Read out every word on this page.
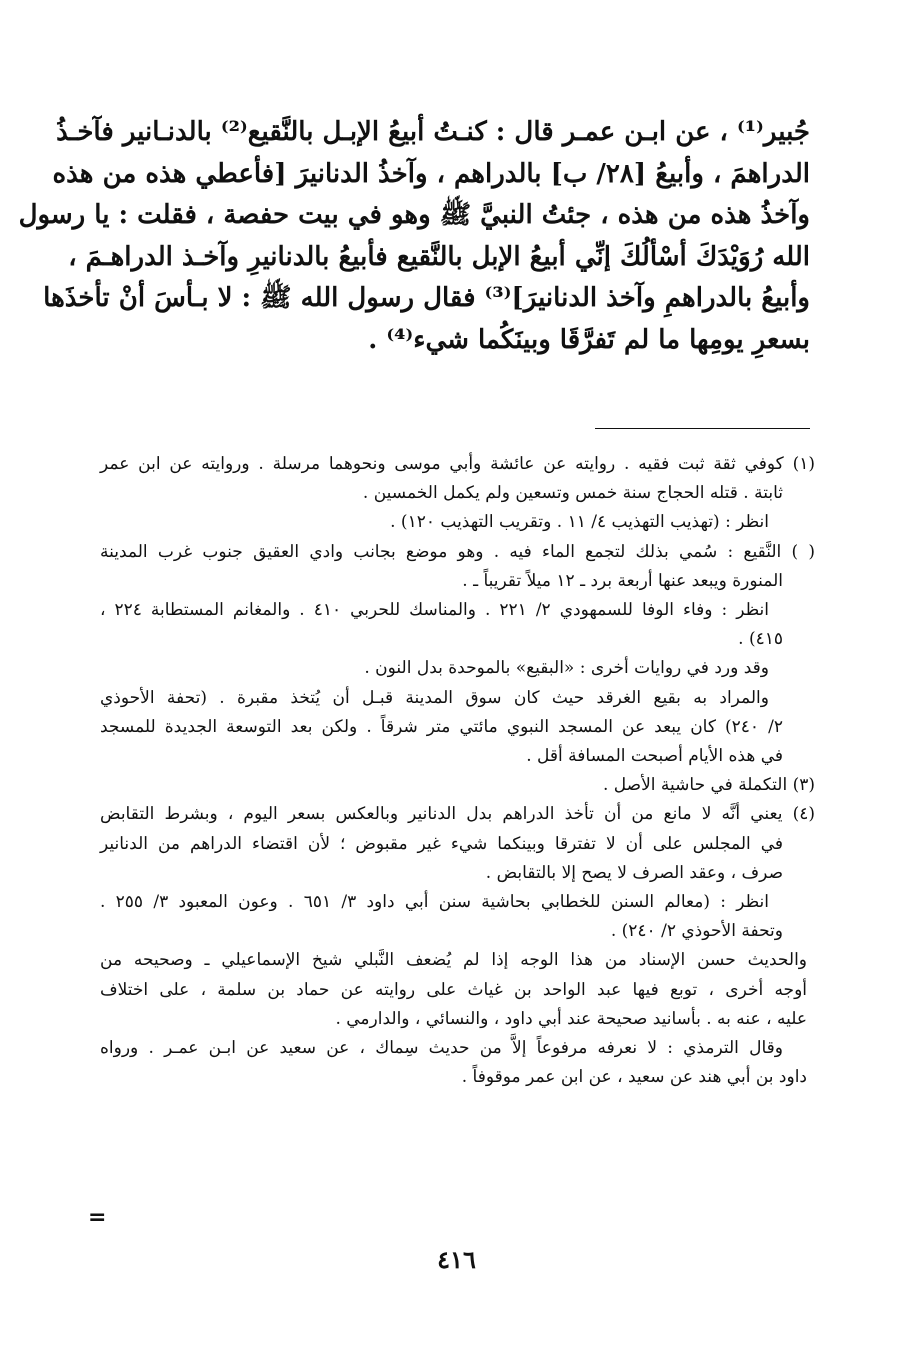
جُبير⁽¹⁾ ، عن ابـن عمـر قال : كنـتُ أبيعُ الإبـل بالنَّقيع⁽²⁾ بالدنـانير فآخـذُ
الدراهمَ ، وأبيعُ [٢٨/ ب] بالدراهم ، وآخذُ الدنانيرَ [فأعطي هذه من هذه
وآخذُ هذه من هذه ، جئتُ النبيَّ ﷺ وهو في بيت حفصة ، فقلت : يا رسول
الله رُوَيْدَكَ أسْألُكَ إنِّي أبيعُ الإبل بالنَّقيع فأبيعُ بالدنانيرِ وآخـذ الدراهـمَ ،
وأبيعُ بالدراهمِ وآخذ الدنانيرَ]⁽³⁾ فقال رسول الله ﷺ : لا بـأسَ أنْ تأخذَها
بسعرِ يومِها ما لم تَفرَّقَا وبينَكُما شيء⁽⁴⁾ .
(١) كوفي ثقة ثبت فقيه . روايته عن عائشة وأبي موسى ونحوهما مرسلة . وروايته عن ابن عمر
ثابتة . قتله الحجاج سنة خمس وتسعين ولم يكمل الخمسين .
انظر : (تهذيب التهذيب ٤/ ١١ . وتقريب التهذيب ١٢٠) .
( ) النَّقيع : سُمي بذلك لتجمع الماء فيه . وهو موضع بجانب وادي العقيق جنوب غرب المدينة
المنورة ويبعد عنها أربعة برد ـ ١٢ ميلاً تقريباً ـ .
انظر : وفاء الوفا للسمهودي ٢/ ٢٢١ . والمناسك للحربي ٤١٠ . والمغانم المستطابة ٢٢٤ ،
٤١٥) .
وقد ورد في روايات أخرى : «البقيع» بالموحدة بدل النون .
والمراد به بقيع الغرقد حيث كان سوق المدينة قبـل أن يُتخذ مقبرة . (تحفة الأحوذي
٢/ ٢٤٠) كان يبعد عن المسجد النبوي مائتي متر شرقاً . ولكن بعد التوسعة الجديدة للمسجد
في هذه الأيام أصبحت المسافة أقل .
(٣) التكملة في حاشية الأصل .
(٤) يعني أنَّه لا مانع من أن تأخذ الدراهم بدل الدنانير وبالعكس بسعر اليوم ، وبشرط التقابض
في المجلس على أن لا تفترقا وبينكما شيء غير مقبوض ؛ لأن اقتضاء الدراهم من الدنانير
صرف ، وعقد الصرف لا يصح إلا بالتقابض .
انظر : (معالم السنن للخطابي بحاشية سنن أبي داود ٣/ ٦٥١ . وعون المعبود ٣/ ٢٥٥ .
وتحفة الأحوذي ٢/ ٢٤٠) .
والحديث حسن الإسناد من هذا الوجه إذا لم يُضعف النَّبلي شيخ الإسماعيلي ـ وصحيحه من
أوجه أخرى ، توبع فيها عبد الواحد بن غياث على روايته عن حماد بن سلمة ، على اختلاف
عليه ، عنه به . بأسانيد صحيحة عند أبي داود ، والنسائي ، والدارمي .
وقال الترمذي : لا نعرفه مرفوعاً إلاَّ من حديث سِماك ، عن سعيد عن ابـن عمـر . ورواه
داود بن أبي هند عن سعيد ، عن ابن عمر موقوفاً .
=
٤١٦
